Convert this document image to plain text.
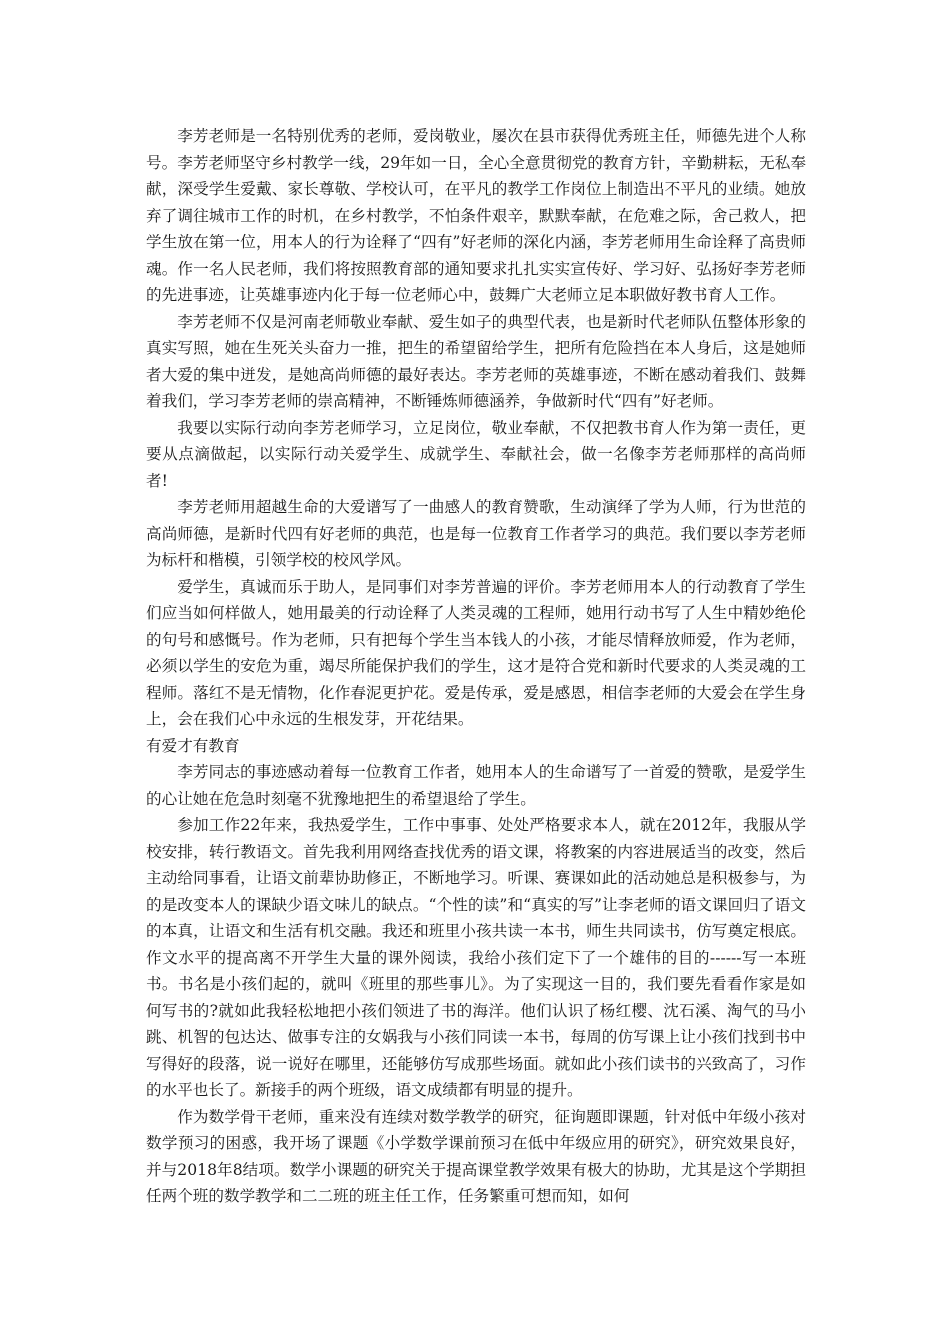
李芳老师是一名特别优秀的老师，爱岗敬业，屡次在县市获得优秀班主任，师德先进个人称号。李芳老师坚守乡村教学一线，29年如一日，全心全意贯彻党的教育方针，辛勤耕耘，无私奉献，深受学生爱戴、家长尊敬、学校认可，在平凡的教学工作岗位上制造出不平凡的业绩。她放弃了调往城市工作的时机，在乡村教学，不怕条件艰辛，默默奉献，在危难之际，舍己救人，把学生放在第一位，用本人的行为诠释了“四有”好老师的深化内涵，李芳老师用生命诠释了高贵师魂。作一名人民老师，我们将按照教育部的通知要求扎扎实实宣传好、学习好、弘扬好李芳老师的先进事迹，让英雄事迹内化于每一位老师心中，鼓舞广大老师立足本职做好教书育人工作。

李芳老师不仅是河南老师敬业奉献、爱生如子的典型代表，也是新时代老师队伍整体形象的真实写照，她在生死关头奋力一推，把生的希望留给学生，把所有危险挡在本人身后，这是她师者大爱的集中迸发，是她高尚师德的最好表达。李芳老师的英雄事迹，不断在感动着我们、鼓舞着我们，学习李芳老师的崇高精神，不断锤炼师德涵养，争做新时代“四有”好老师。

我要以实际行动向李芳老师学习，立足岗位，敬业奉献，不仅把教书育人作为第一责任，更要从点滴做起，以实际行动关爱学生、成就学生、奉献社会，做一名像李芳老师那样的高尚师者!

李芳老师用超越生命的大爱谱写了一曲感人的教育赞歌，生动演绎了学为人师，行为世范的高尚师德，是新时代四有好老师的典范，也是每一位教育工作者学习的典范。我们要以李芳老师为标杆和楷模，引领学校的校风学风。

爱学生，真诚而乐于助人，是同事们对李芳普遍的评价。李芳老师用本人的行动教育了学生们应当如何样做人，她用最美的行动诠释了人类灵魂的工程师，她用行动书写了人生中精妙绝伦的句号和感慨号。作为老师，只有把每个学生当本钱人的小孩，才能尽情释放师爱，作为老师，必须以学生的安危为重，竭尽所能保护我们的学生，这才是符合党和新时代要求的人类灵魂的工程师。落红不是无情物，化作春泥更护花。爱是传承，爱是感恩，相信李老师的大爱会在学生身上，会在我们心中永远的生根发芽，开花结果。

有爱才有教育

李芳同志的事迹感动着每一位教育工作者，她用本人的生命谱写了一首爱的赞歌，是爱学生的心让她在危急时刻毫不犹豫地把生的希望退给了学生。

参加工作22年来，我热爱学生，工作中事事、处处严格要求本人，就在2012年，我服从学校安排，转行教语文。首先我利用网络查找优秀的语文课，将教案的内容进展适当的改变，然后主动给同事看，让语文前辈协助修正，不断地学习。听课、赛课如此的活动她总是积极参与，为的是改变本人的课缺少语文味儿的缺点。“个性的读”和“真实的写”让李老师的语文课回归了语文的本真，让语文和生活有机交融。我还和班里小孩共读一本书，师生共同读书，仿写奠定根底。作文水平的提高离不开学生大量的课外阅读，我给小孩们定下了一个雄伟的目的------写一本班书。书名是小孩们起的，就叫《班里的那些事儿》。为了实现这一目的，我们要先看看作家是如何写书的?就如此我轻松地把小孩们领进了书的海洋。他们认识了杨红樱、沈石溪、淘气的马小跳、机智的包达达、做事专注的女娲我与小孩们同读一本书，每周的仿写课上让小孩们找到书中写得好的段落，说一说好在哪里，还能够仿写成那些场面。就如此小孩们读书的兴致高了，习作的水平也长了。新接手的两个班级，语文成绩都有明显的提升。

作为数学骨干老师，重来没有连续对数学教学的研究，征询题即课题，针对低中年级小孩对数学预习的困惑，我开场了课题《小学数学课前预习在低中年级应用的研究》，研究效果良好，并与2018年8结项。数学小课题的研究关于提高课堂教学效果有极大的协助，尤其是这个学期担任两个班的数学教学和二二班的班主任工作，任务繁重可想而知，如何
